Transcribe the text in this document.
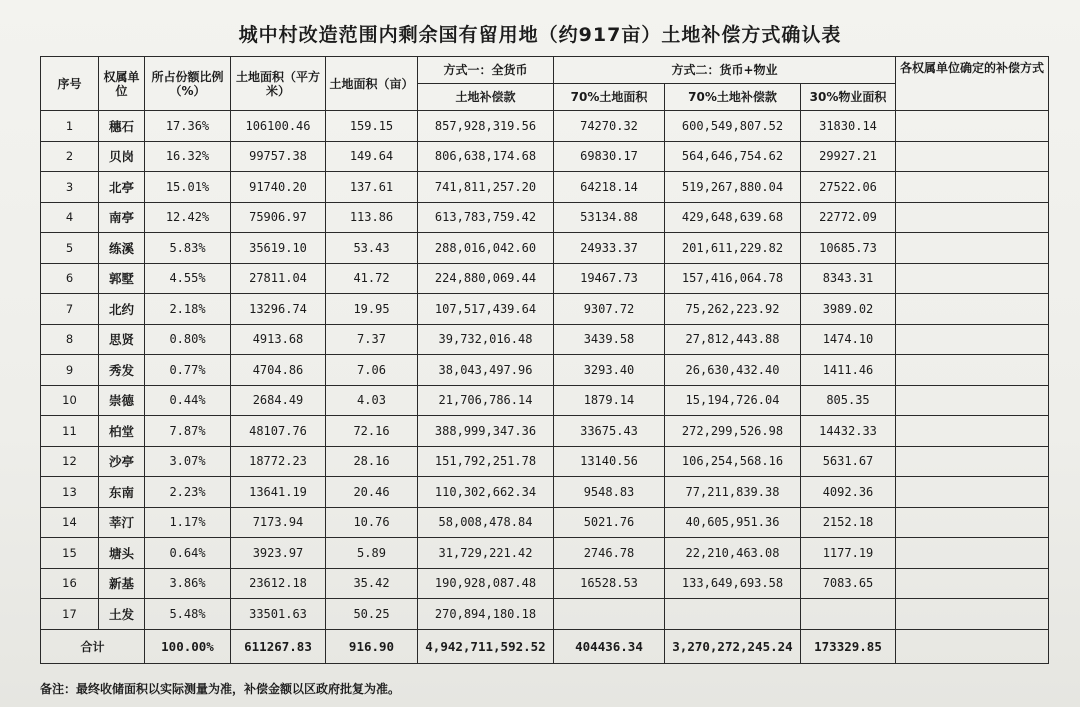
城中村改造范围内剩余国有留用地（约917亩）土地补偿方式确认表
序号	权属单位	所占份额比例（%）	土地面积（平方米）	土地面积（亩）	方式一：全货币	方式二：货币+物业			各权属单位确定的补偿方式
					土地补偿款	70%土地面积	70%土地补偿款	30%物业面积	
1	穗石	17.36%	106100.46	159.15	857,928,319.56	74270.32	600,549,807.52	31830.14	
2	贝岗	16.32%	99757.38	149.64	806,638,174.68	69830.17	564,646,754.62	29927.21	
3	北亭	15.01%	91740.20	137.61	741,811,257.20	64218.14	519,267,880.04	27522.06	
4	南亭	12.42%	75906.97	113.86	613,783,759.42	53134.88	429,648,639.68	22772.09	
5	练溪	5.83%	35619.10	53.43	288,016,042.60	24933.37	201,611,229.82	10685.73	
6	郭墅	4.55%	27811.04	41.72	224,880,069.44	19467.73	157,416,064.78	8343.31	
7	北约	2.18%	13296.74	19.95	107,517,439.64	9307.72	75,262,223.92	3989.02	
8	思贤	0.80%	4913.68	7.37	39,732,016.48	3439.58	27,812,443.88	1474.10	
9	秀发	0.77%	4704.86	7.06	38,043,497.96	3293.40	26,630,432.40	1411.46	
10	崇德	0.44%	2684.49	4.03	21,706,786.14	1879.14	15,194,726.04	805.35	
11	柏堂	7.87%	48107.76	72.16	388,999,347.36	33675.43	272,299,526.98	14432.33	
12	沙亭	3.07%	18772.23	28.16	151,792,251.78	13140.56	106,254,568.16	5631.67	
13	东南	2.23%	13641.19	20.46	110,302,662.34	9548.83	77,211,839.38	4092.36	
14	莘汀	1.17%	7173.94	10.76	58,008,478.84	5021.76	40,605,951.36	2152.18	
15	塘头	0.64%	3923.97	5.89	31,729,221.42	2746.78	22,210,463.08	1177.19	
16	新基	3.86%	23612.18	35.42	190,928,087.48	16528.53	133,649,693.58	7083.65	
17	土发	5.48%	33501.63	50.25	270,894,180.18				
合计		100.00%	611267.83	916.90	4,942,711,592.52	404436.34	3,270,272,245.24	173329.85	
备注：最终收储面积以实际测量为准，补偿金额以区政府批复为准。
